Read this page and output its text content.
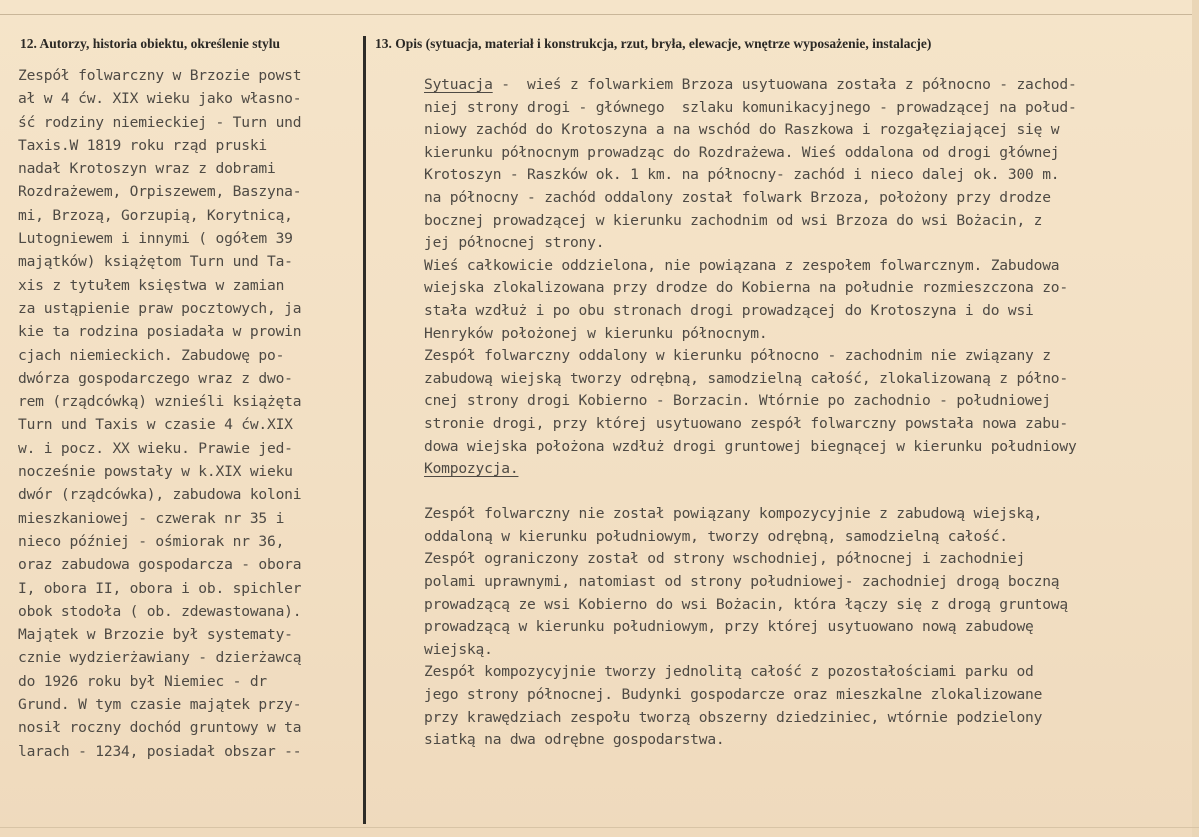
12. Autorzy, historia obiektu, określenie stylu	13. Opis (sytuacja, materiał i konstrukcja, rzut, bryła, elewacje, wnętrze wyposażenie, instalacje)
Zespół folwarczny w Brzozie powst
ał w 4 ćw. XIX wieku jako własno-
ść rodziny niemieckiej - Turn und
Taxis.W 1819 roku rząd pruski
nadał Krotoszyn wraz z dobrami
Rozdrażewem, Orpiszewem, Baszyna-
mi, Brzozą, Gorzupią, Korytnicą,
Lutogniewem i innymi ( ogółem 39
majątków) książętom Turn und Ta-
xis z tytułem księstwa w zamian
za ustąpienie praw pocztowych, ja
kie ta rodzina posiadała w prowin
cjach niemieckich. Zabudowę po-
dwórza gospodarczego wraz z dwo-
rem (rządcówką) wznieśli książęta
Turn und Taxis w czasie 4 ćw.XIX
w. i pocz. XX wieku. Prawie jed-
nocześnie powstały w k.XIX wieku
dwór (rządcówka), zabudowa koloni
mieszkaniowej - czwerak nr 35 i
nieco później - ośmiorak nr 36,
oraz zabudowa gospodarcza - obora
I, obora II, obora i ob. spichler
obok stodoła ( ob. zdewastowana).
Majątek w Brzozie był systematy-
cznie wydzierżawiany - dzierżawcą
do 1926 roku był Niemiec - dr
Grund. W tym czasie majątek przy-
nosił roczny dochód gruntowy w ta
larach - 1234, posiadał obszar --
Sytuacja -  wieś z folwarkiem Brzoza usytuowana została z północno - zachod-
niej strony drogi - głównego  szlaku komunikacyjnego - prowadzącej na połud-
niowy zachód do Krotoszyna a na wschód do Raszkowa i rozgałęziającej się w
kierunku północnym prowadząc do Rozdrażewa. Wieś oddalona od drogi głównej
Krotoszyn - Raszków ok. 1 km. na północny- zachód i nieco dalej ok. 300 m.
na północny - zachód oddalony został folwark Brzoza, położony przy drodze
bocznej prowadzącej w kierunku zachodnim od wsi Brzoza do wsi Bożacin, z
jej północnej strony.
Wieś całkowicie oddzielona, nie powiązana z zespołem folwarcznym. Zabudowa
wiejska zlokalizowana przy drodze do Kobierna na południe rozmieszczona zo-
stała wzdłuż i po obu stronach drogi prowadzącej do Krotoszyna i do wsi
Henryków położonej w kierunku północnym.
Zespół folwarczny oddalony w kierunku północno - zachodnim nie związany z
zabudową wiejską tworzy odrębną, samodzielną całość, zlokalizowaną z półno-
cnej strony drogi Kobierno - Borzacin. Wtórnie po zachodnio - południowej
stronie drogi, przy której usytuowano zespół folwarczny powstała nowa zabu-
dowa wiejska położona wzdłuż drogi gruntowej biegnącej w kierunku południowy
Kompozycja.
Zespół folwarczny nie został powiązany kompozycyjnie z zabudową wiejską,
oddaloną w kierunku południowym, tworzy odrębną, samodzielną całość.
Zespół ograniczony został od strony wschodniej, północnej i zachodniej
polami uprawnymi, natomiast od strony południowej- zachodniej drogą boczną
prowadzącą ze wsi Kobierno do wsi Bożacin, która łączy się z drogą gruntową
prowadzącą w kierunku południowym, przy której usytuowano nową zabudowę
wiejską.
Zespół kompozycyjnie tworzy jednolitą całość z pozostałościami parku od
jego strony północnej. Budynki gospodarcze oraz mieszkalne zlokalizowane
przy krawędziach zespołu tworzą obszerny dziedziniec, wtórnie podzielony
siatką na dwa odrębne gospodarstwa.
